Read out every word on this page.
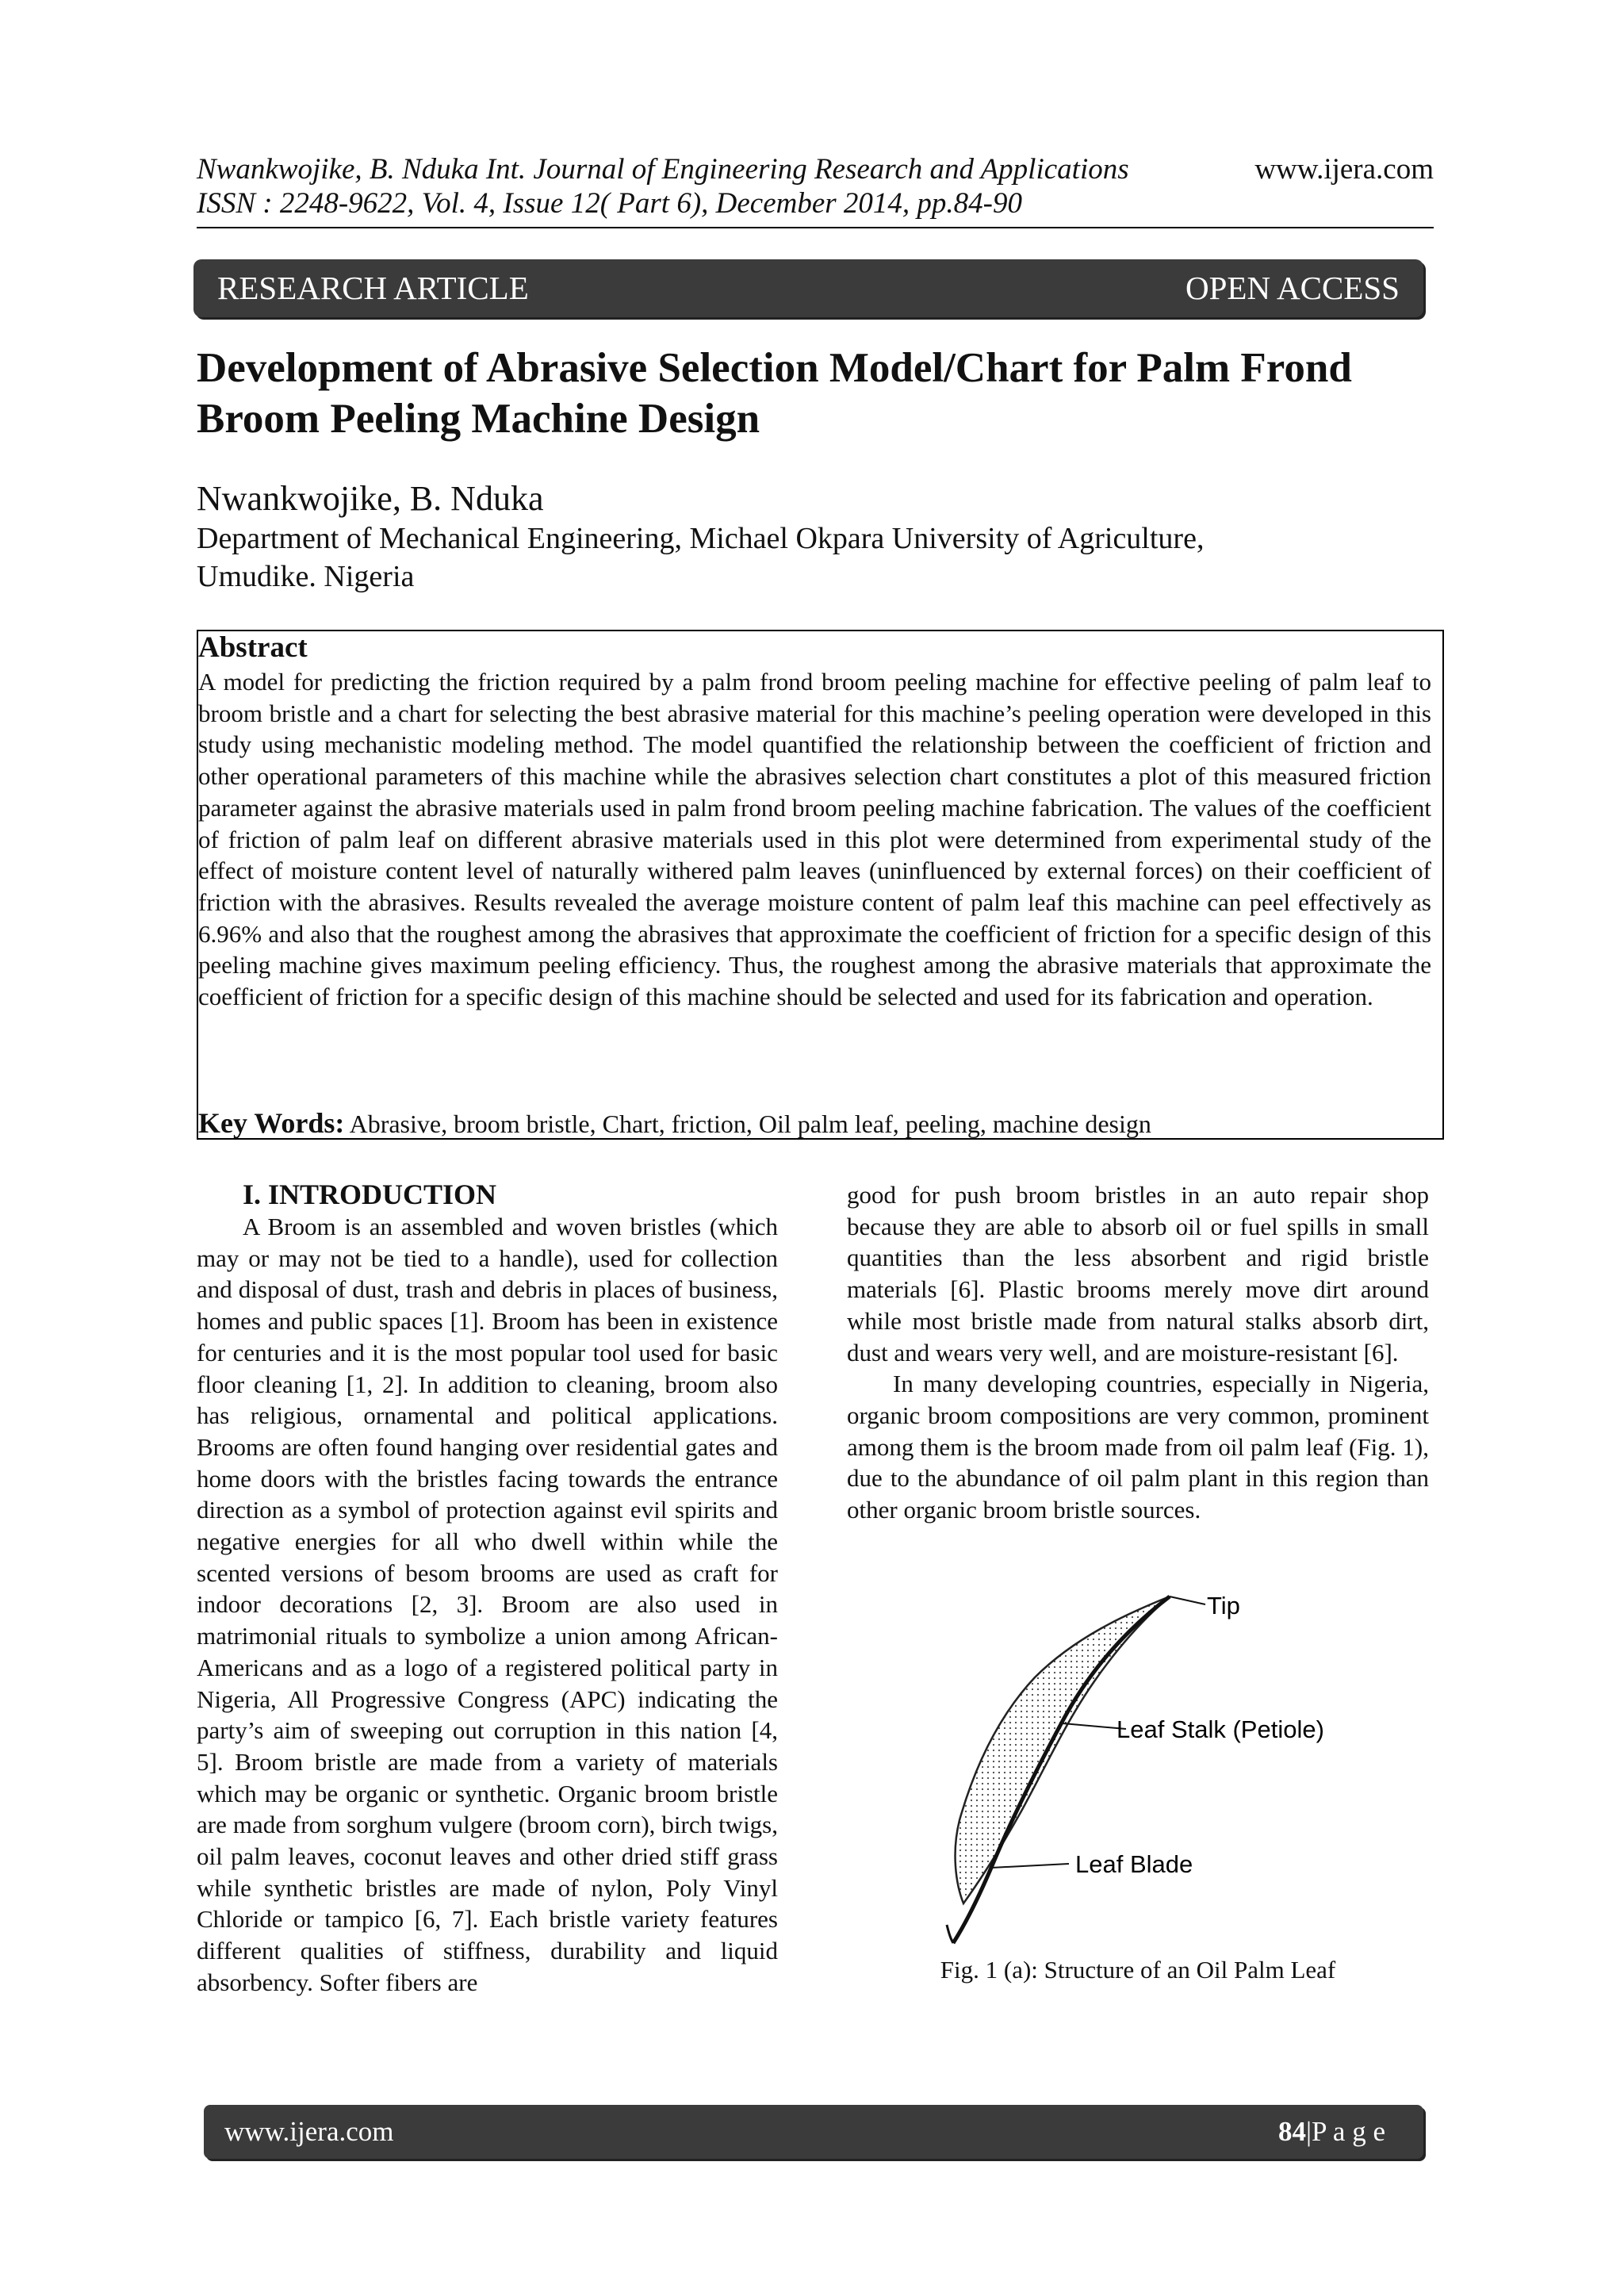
Nwankwojike, B. Nduka Int. Journal of Engineering Research and Applications
ISSN : 2248-9622, Vol. 4, Issue 12( Part 6), December 2014, pp.84-90
www.ijera.com
RESEARCH ARTICLE	OPEN ACCESS
Development of Abrasive Selection Model/Chart for Palm Frond Broom Peeling Machine Design
Nwankwojike, B. Nduka
Department of Mechanical Engineering, Michael Okpara University of Agriculture,
Umudike. Nigeria
Abstract
A model for predicting the friction required by a palm frond broom peeling machine for effective peeling of palm leaf to broom bristle and a chart for selecting the best abrasive material for this machine’s peeling operation were developed in this study using mechanistic modeling method. The model quantified the relationship between the coefficient of friction and other operational parameters of this machine while the abrasives selection chart constitutes a plot of this measured friction parameter against the abrasive materials used in palm frond broom peeling machine fabrication. The values of the coefficient of friction of palm leaf on different abrasive materials used in this plot were determined from experimental study of the effect of moisture content level of naturally withered palm leaves (uninfluenced by external forces) on their coefficient of friction with the abrasives. Results revealed the average moisture content of palm leaf this machine can peel effectively as 6.96% and also that the roughest among the abrasives that approximate the coefficient of friction for a specific design of this peeling machine gives maximum peeling efficiency. Thus, the roughest among the abrasive materials that approximate the coefficient of friction for a specific design of this machine should be selected and used for its fabrication and operation.
Key Words: Abrasive, broom bristle, Chart, friction, Oil palm leaf, peeling, machine design
I. INTRODUCTION

A Broom is an assembled and woven bristles (which may or may not be tied to a handle), used for collection and disposal of dust, trash and debris in places of business, homes and public spaces [1]. Broom has been in existence for centuries and it is the most popular tool used for basic floor cleaning [1, 2]. In addition to cleaning, broom also has religious, ornamental and political applications. Brooms are often found hanging over residential gates and home doors with the bristles facing towards the entrance direction as a symbol of protection against evil spirits and negative energies for all who dwell within while the scented versions of besom brooms are used as craft for indoor decorations [2, 3]. Broom are also used in matrimonial rituals to symbolize a union among African-Americans and as a logo of a registered political party in Nigeria, All Progressive Congress (APC) indicating the party’s aim of sweeping out corruption in this nation [4, 5]. Broom bristle are made from a variety of materials which may be organic or synthetic. Organic broom bristle are made from sorghum vulgere (broom corn), birch twigs, oil palm leaves, coconut leaves and other dried stiff grass while synthetic bristles are made of nylon, Poly Vinyl Chloride or tampico [6, 7]. Each bristle variety features different qualities of stiffness, durability and liquid absorbency. Softer fibers are

good for push broom bristles in an auto repair shop because they are able to absorb oil or fuel spills in small quantities than the less absorbent and rigid bristle materials [6]. Plastic brooms merely move dirt around while most bristle made from natural stalks absorb dirt, dust and wears very well, and are moisture-resistant [6].

In many developing countries, especially in Nigeria, organic broom compositions are very common, prominent among them is the broom made from oil palm leaf (Fig. 1), due to the abundance of oil palm plant in this region than other organic broom bristle sources.

Tip
Leaf Stalk (Petiole)
Leaf Blade
Fig. 1 (a): Structure of an Oil Palm Leaf
www.ijera.com	84|P a g e
